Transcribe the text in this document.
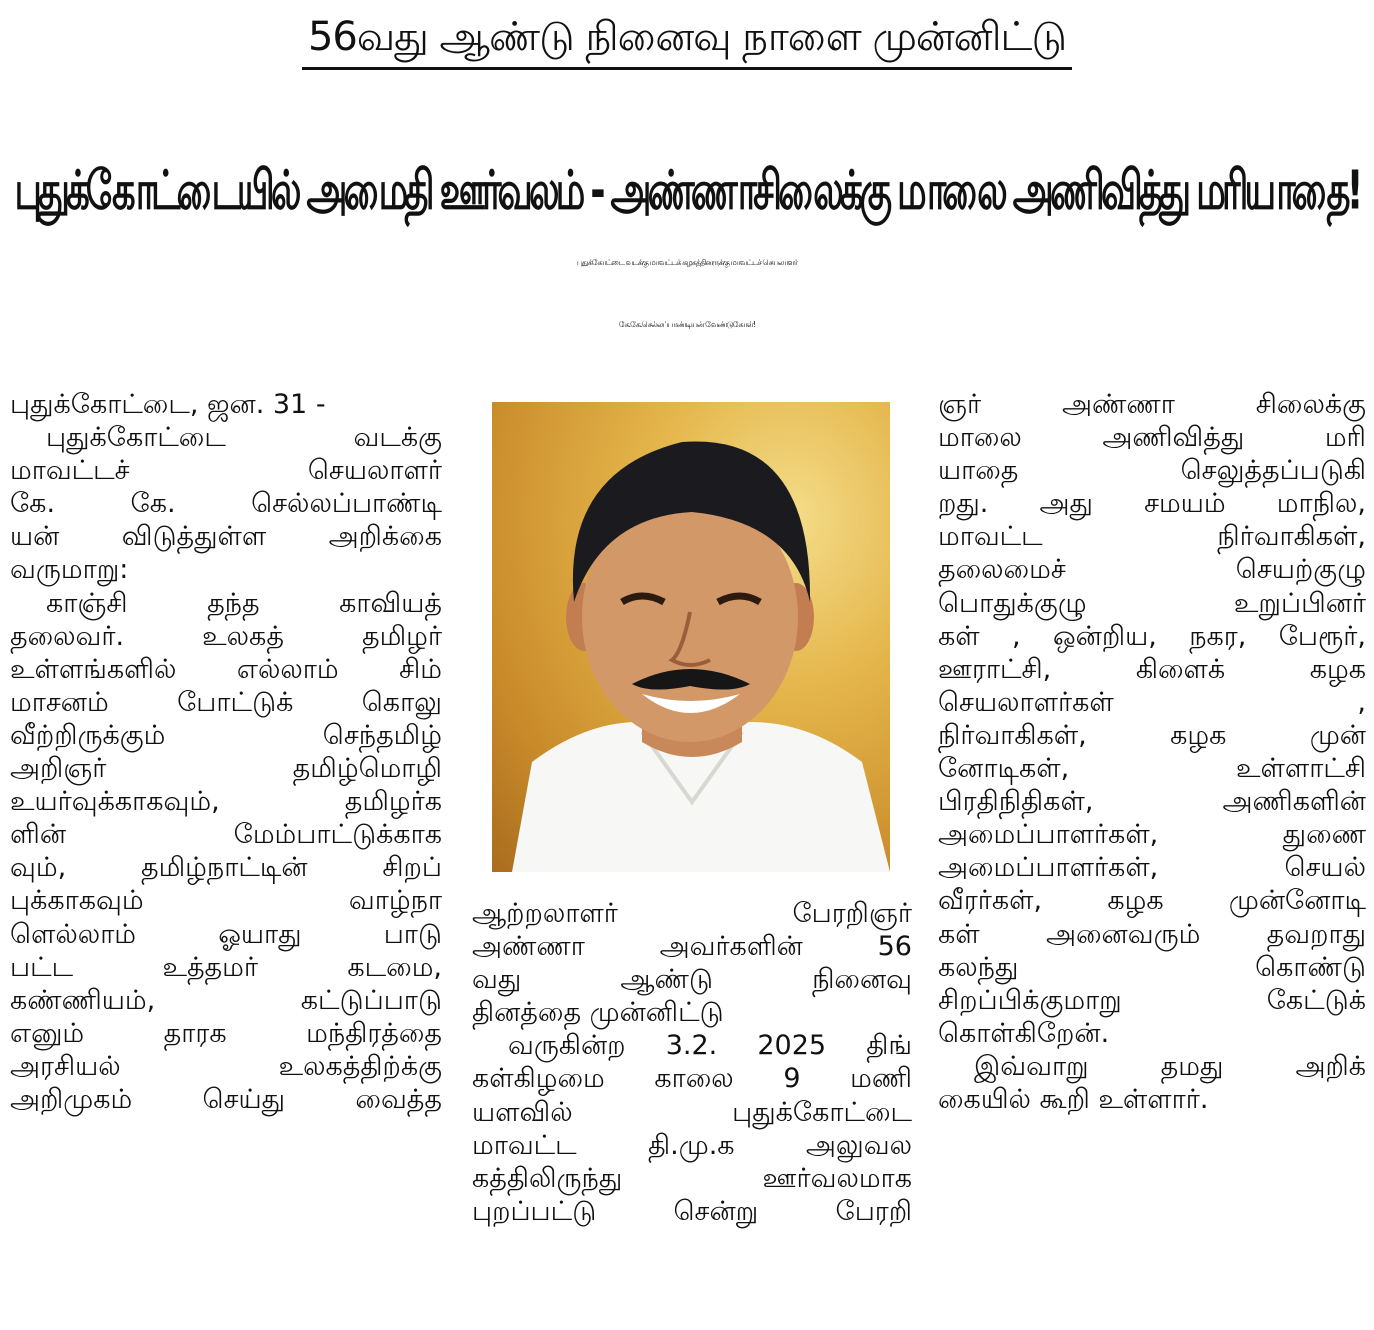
56வது ஆண்டு நினைவு நாளை முன்னிட்டு
புதுக்கோட்டையில் அமைதி ஊர்வலம் - அண்ணாசிலைக்கு மாலை அணிவித்து மரியாதை!
புதுக்கோட்டை வடக்கு மாவட்டக் கழகத்தினருக்கு மாவட்டச் செயலாளர்
கே.கே.செல்லப்பாண்டியன் வேண்டுகோள்!
புதுக்கோட்டை, ஜன. 31 -
புதுக்கோட்டை வடக்கு
மாவட்டச் செயலாளர்
கே. கே. செல்லப்பாண்டி
யன் விடுத்துள்ள அறிக்கை
வருமாறு:
காஞ்சி தந்த காவியத்
தலைவர். உலகத் தமிழர்
உள்ளங்களில் எல்லாம் சிம்
மாசனம் போட்டுக் கொலு
வீற்றிருக்கும் செந்தமிழ்
அறிஞர் தமிழ்மொழி
உயர்வுக்காகவும், தமிழர்க
ளின் மேம்பாட்டுக்காக
வும், தமிழ்நாட்டின் சிறப்
புக்காகவும் வாழ்நா
ளெல்லாம் ஓயாது பாடு
பட்ட உத்தமர் கடமை,
கண்ணியம், கட்டுப்பாடு
எனும் தாரக மந்திரத்தை
அரசியல் உலகத்திற்க்கு
அறிமுகம் செய்து வைத்த
ஆற்றலாளர் பேரறிஞர்
அண்ணா அவர்களின் 56
வது ஆண்டு நினைவு
தினத்தை முன்னிட்டு
வருகின்ற 3.2. 2025 திங்
கள்கிழமை காலை 9 மணி
யளவில் புதுக்கோட்டை
மாவட்ட தி.மு.க அலுவல
கத்திலிருந்து ஊர்வலமாக
புறப்பட்டு சென்று பேரறி
ஞர் அண்ணா சிலைக்கு
மாலை அணிவித்து மரி
யாதை செலுத்தப்படுகி
றது. அது சமயம் மாநில,
மாவட்ட நிர்வாகிகள்,
தலைமைச் செயற்குழு
பொதுக்குழு உறுப்பினர்
கள் , ஒன்றிய, நகர, பேரூர்,
ஊராட்சி, கிளைக் கழக
செயலாளர்கள் ,
நிர்வாகிகள், கழக முன்
னோடிகள், உள்ளாட்சி
பிரதிநிதிகள், அணிகளின்
அமைப்பாளர்கள், துணை
அமைப்பாளர்கள், செயல்
வீரர்கள், கழக முன்னோடி
கள் அனைவரும் தவறாது
கலந்து கொண்டு
சிறப்பிக்குமாறு கேட்டுக்
கொள்கிறேன்.
இவ்வாறு தமது அறிக்
கையில் கூறி உள்ளார்.
